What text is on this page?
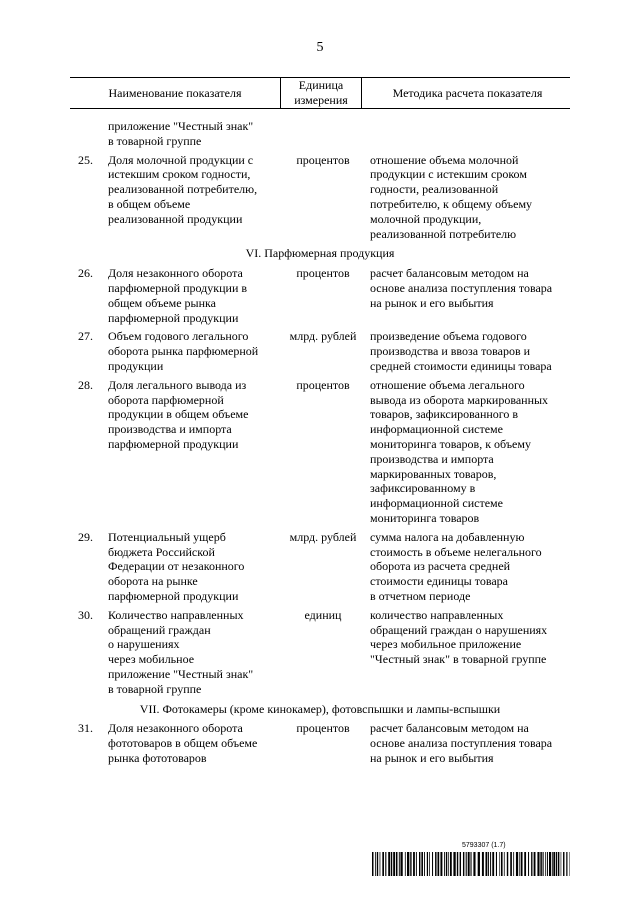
5
Наименование показателя
Единица
измерения	Методика расчета показателя
приложение "Честный знак"
в товарной группе
25. Доля молочной продукции с
истекшим сроком годности,
реализованной потребителю,
в общем объеме
реализованной продукции
процентов	отношение объема молочной
продукции с истекшим сроком
годности, реализованной
потребителю, к общему объему
молочной продукции,
реализованной потребителю
VI. Парфюмерная продукция
26. Доля незаконного оборота
парфюмерной продукции в
общем объеме рынка
парфюмерной продукции
процентов	расчет балансовым методом на
основе анализа поступления товара
на рынок и его выбытия
27. Объем годового легального
оборота рынка парфюмерной
продукции
млрд. рублей	произведение объема годового
производства и ввоза товаров и
средней стоимости единицы товара
28. Доля легального вывода из
оборота парфюмерной
продукции в общем объеме
производства и импорта
парфюмерной продукции
процентов	отношение объема легального
вывода из оборота маркированных
товаров, зафиксированного в
информационной системе
мониторинга товаров, к объему
производства и импорта
маркированных товаров,
зафиксированному в
информационной системе
мониторинга товаров
29. Потенциальный ущерб
бюджета Российской
Федерации от незаконного
оборота на рынке
парфюмерной продукции
млрд. рублей	сумма налога на добавленную
стоимость в объеме нелегального
оборота из расчета средней
стоимости единицы товара
в отчетном периоде
30. Количество направленных
обращений граждан
о нарушениях
через мобильное
приложение "Честный знак"
в товарной группе
единиц	количество направленных
обращений граждан о нарушениях
через мобильное приложение
"Честный знак" в товарной группе
VII. Фотокамеры (кроме кинокамер), фотовспышки и лампы-вспышки
31. Доля незаконного оборота
фототоваров в общем объеме
рынка фототоваров
процентов	расчет балансовым методом на
основе анализа поступления товара
на рынок и его выбытия
5793307 (1.7)
